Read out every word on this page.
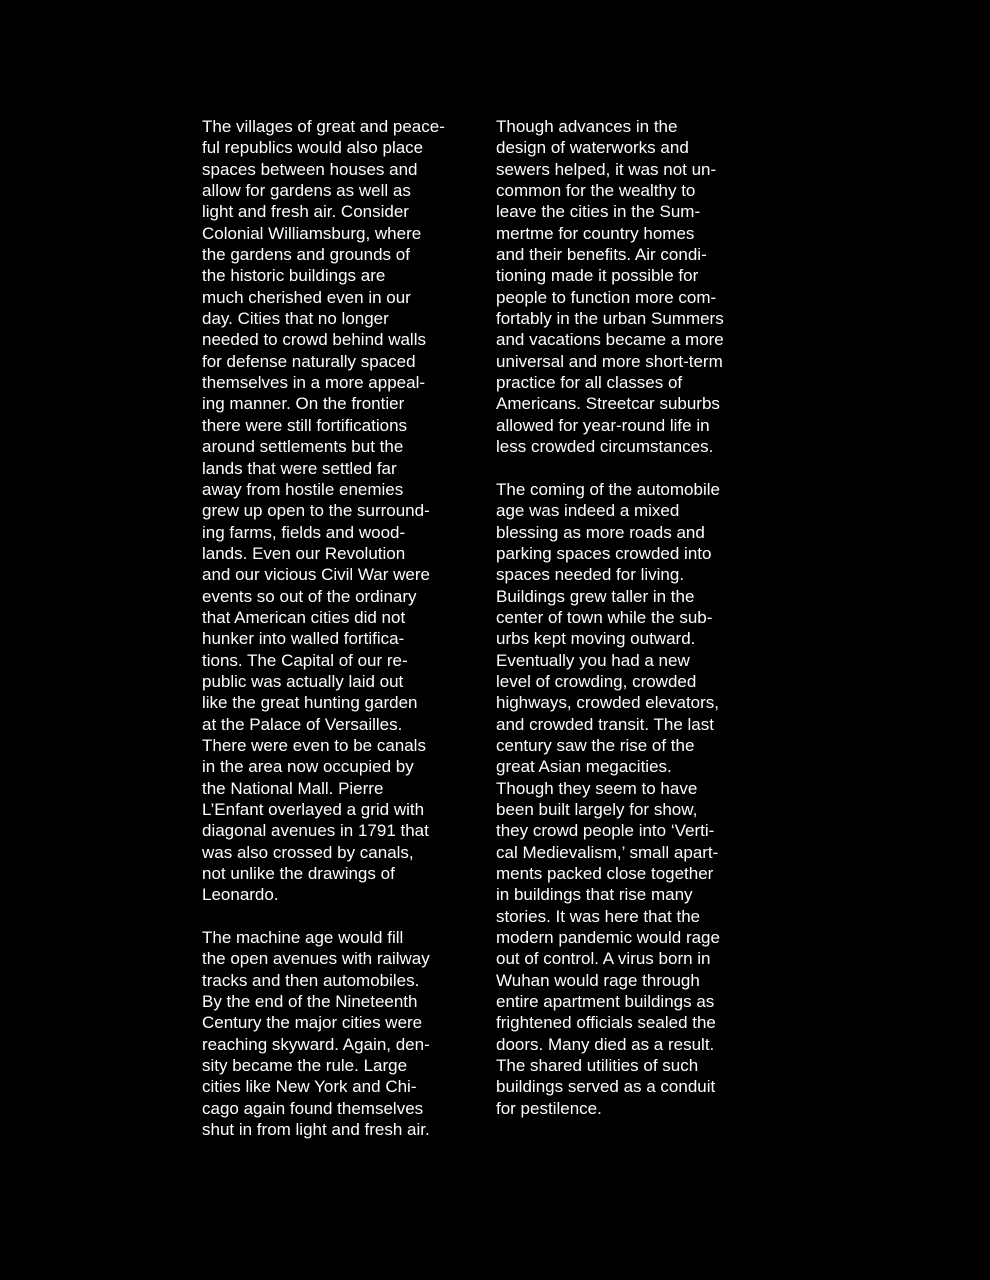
The villages of great and peace-
ful republics would also place
spaces between houses and
allow for gardens as well as
light and fresh air. Consider
Colonial Williamsburg, where
the gardens and grounds of
the historic buildings are
much cherished even in our
day. Cities that no longer
needed to crowd behind walls
for defense naturally spaced
themselves in a more appeal-
ing manner. On the frontier
there were still fortifications
around settlements but the
lands that were settled far
away from hostile enemies
grew up open to the surround-
ing farms, fields and wood-
lands. Even our Revolution
and our vicious Civil War were
events so out of the ordinary
that American cities did not
hunker into walled fortifica-
tions. The Capital of our re-
public was actually laid out
like the great hunting garden
at the Palace of Versailles.
There were even to be canals
in the area now occupied by
the National Mall. Pierre
L’Enfant overlayed a grid with
diagonal avenues in 1791 that
was also crossed by canals,
not unlike the drawings of
Leonardo.
The machine age would fill
the open avenues with railway
tracks and then automobiles.
By the end of the Nineteenth
Century the major cities were
reaching skyward. Again, den-
sity became the rule. Large
cities like New York and Chi-
cago again found themselves
shut in from light and fresh air.
Though advances in the
design of waterworks and
sewers helped, it was not un-
common for the wealthy to
leave the cities in the Sum-
mertme for country homes
and their benefits. Air condi-
tioning made it possible for
people to function more com-
fortably in the urban Summers
and vacations became a more
universal and more short-term
practice for all classes of
Americans. Streetcar suburbs
allowed for year-round life in
less crowded circumstances.
The coming of the automobile
age was indeed a mixed
blessing as more roads and
parking spaces crowded into
spaces needed for living.
Buildings grew taller in the
center of town while the sub-
urbs kept moving outward.
Eventually you had a new
level of crowding, crowded
highways, crowded elevators,
and crowded transit. The last
century saw the rise of the
great Asian megacities.
Though they seem to have
been built largely for show,
they crowd people into ‘Verti-
cal Medievalism,’ small apart-
ments packed close together
in buildings that rise many
stories. It was here that the
modern pandemic would rage
out of control. A virus born in
Wuhan would rage through
entire apartment buildings as
frightened officials sealed the
doors. Many died as a result.
The shared utilities of such
buildings served as a conduit
for pestilence.
